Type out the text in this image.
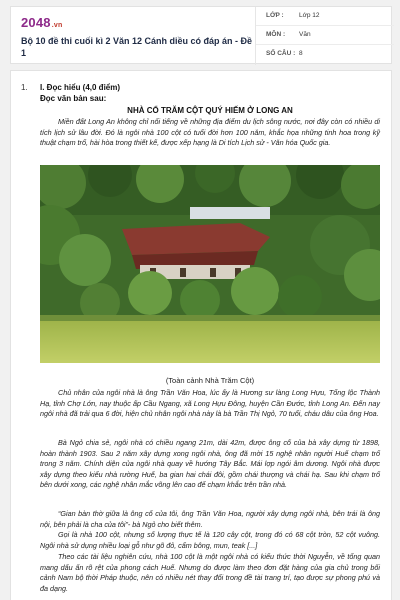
2048.vn
Bộ 10 đề thi cuối kì 2 Văn 12 Cánh diều có đáp án - Đề 1
LỚP : Lớp 12
MÔN : Văn
SỐ CÂU : 8
1. I. Đọc hiểu (4,0 điểm)
Đọc văn bản sau:
NHÀ CỔ TRĂM CỘT QUÝ HIẾM Ở LONG AN
Miền đất Long An không chỉ nổi tiếng về những địa điểm du lịch sông nước, nơi đây còn có nhiều di tích lịch sử lâu đời. Đó là ngôi nhà 100 cột có tuổi đời hơn 100 năm, khắc họa những tinh hoa trong kỹ thuật chạm trổ, hài hòa trong thiết kế, được xếp hạng là Di tích Lịch sử - Văn hóa Quốc gia.
(Toàn cảnh Nhà Trăm Cột)
Chủ nhân của ngôi nhà là ông Trần Văn Hoa, lúc ấy là Hương sư làng Long Hựu, Tổng lộc Thành Hạ, tỉnh Chợ Lớn, nay thuộc ấp Cầu Ngang, xã Long Hựu Đông, huyện Cần Đước, tỉnh Long An. Đến nay ngôi nhà đã trải qua 6 đời, hiện chủ nhân ngôi nhà này là bà Trần Thị Ngỏ, 70 tuổi, cháu dâu của ông Hoa.
Bà Ngỏ chia sẻ, ngôi nhà có chiều ngang 21m, dài 42m, được ông cố của bà xây dựng từ 1898, hoàn thành 1903. Sau 2 năm xây dựng xong ngôi nhà, ông đã mời 15 nghệ nhân người Huế chạm trổ trong 3 năm. Chính diện của ngôi nhà quay về hướng Tây Bắc. Mái lợp ngói âm dương. Ngôi nhà được xây dựng theo kiểu nhà rường Huế, ba gian hai chái đôi, gồm chái thượng và chái hạ. Sau khi chạm trổ bên dưới xong, các nghệ nhân mắc võng lên cao để chạm khắc trên trần nhà.
“Gian bàn thờ giữa là ông cố của tôi, ông Trần Văn Hoa, người xây dựng ngôi nhà, bên trái là ông nội, bên phải là cha của tôi”- bà Ngỏ cho biết thêm.
Gọi là nhà 100 cột, nhưng số lượng thực tế là 120 cây cột, trong đó có 68 cột tròn, 52 cột vuông. Ngôi nhà sử dụng nhiều loại gỗ như gõ đỏ, cẩm bông, mun, teak [...]
Theo các tài liệu nghiên cứu, nhà 100 cột là một ngôi nhà có kiểu thức thời Nguyễn, về tổng quan mang dấu ấn rõ rệt của phong cách Huế. Nhưng do được làm theo đơn đặt hàng của gia chủ trong bối cảnh Nam bộ thời Pháp thuộc, nên có nhiều nét thay đổi trong đề tài trang trí, tạo được sự phong phú và đa dạng.
